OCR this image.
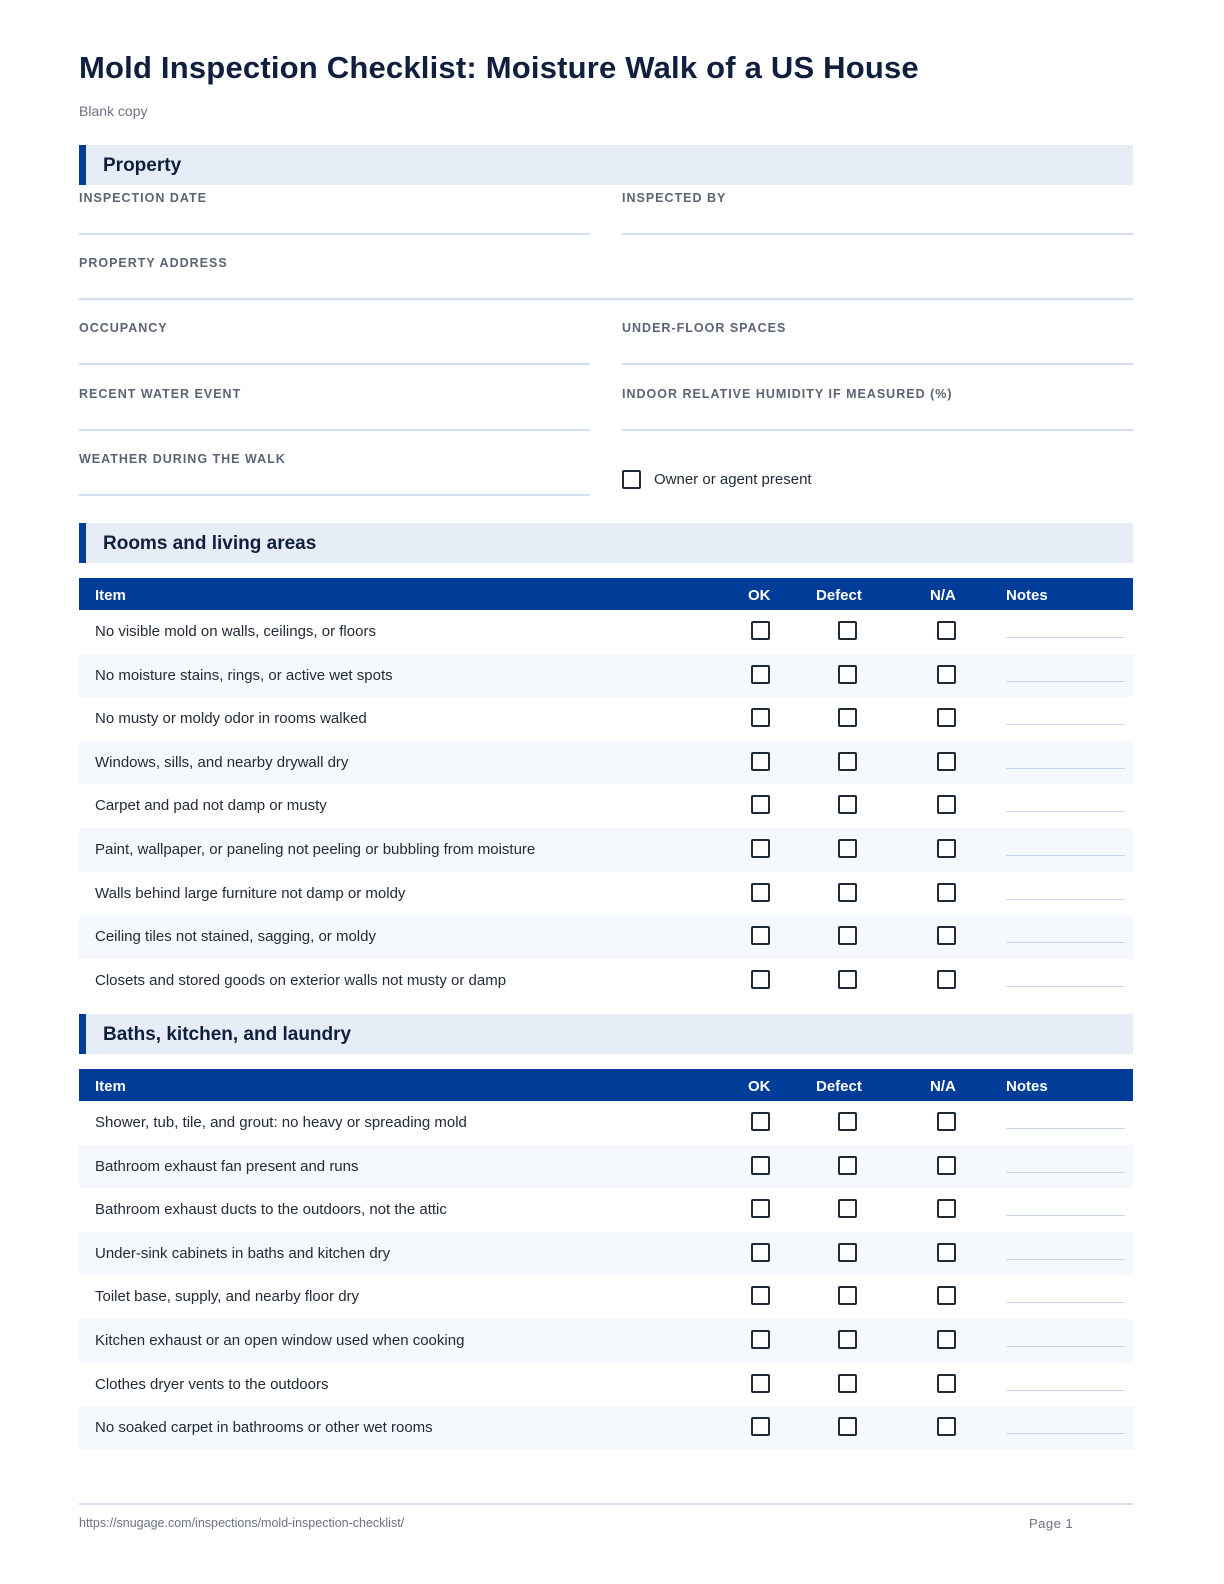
Mold Inspection Checklist: Moisture Walk of a US House
Blank copy
Property
INSPECTION DATE	INSPECTED BY
PROPERTY ADDRESS
OCCUPANCY	UNDER-FLOOR SPACES
RECENT WATER EVENT	INDOOR RELATIVE HUMIDITY IF MEASURED (%)
WEATHER DURING THE WALK
Owner or agent present
Rooms and living areas
Item	OK	Defect	N/A	Notes
No visible mold on walls, ceilings, or floors
No moisture stains, rings, or active wet spots
No musty or moldy odor in rooms walked
Windows, sills, and nearby drywall dry
Carpet and pad not damp or musty
Paint, wallpaper, or paneling not peeling or bubbling from moisture
Walls behind large furniture not damp or moldy
Ceiling tiles not stained, sagging, or moldy
Closets and stored goods on exterior walls not musty or damp
Baths, kitchen, and laundry
Item	OK	Defect	N/A	Notes
Shower, tub, tile, and grout: no heavy or spreading mold
Bathroom exhaust fan present and runs
Bathroom exhaust ducts to the outdoors, not the attic
Under-sink cabinets in baths and kitchen dry
Toilet base, supply, and nearby floor dry
Kitchen exhaust or an open window used when cooking
Clothes dryer vents to the outdoors
No soaked carpet in bathrooms or other wet rooms
https://snugage.com/inspections/mold-inspection-checklist/	Page 1
